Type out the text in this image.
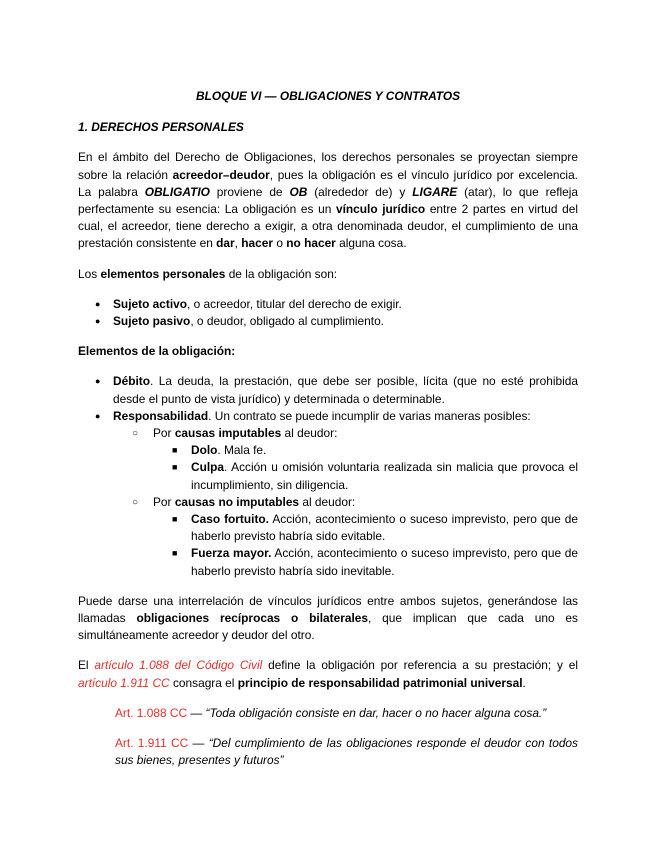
BLOQUE VI — OBLIGACIONES Y CONTRATOS
1. DERECHOS PERSONALES

En el ámbito del Derecho de Obligaciones, los derechos personales se proyectan siempre sobre la relación acreedor–deudor, pues la obligación es el vínculo jurídico por excelencia. La palabra OBLIGATIO proviene de OB (alrededor de) y LIGARE (atar), lo que refleja perfectamente su esencia: La obligación es un vínculo jurídico entre 2 partes en virtud del cual, el acreedor, tiene derecho a exigir, a otra denominada deudor, el cumplimiento de una prestación consistente en dar, hacer o no hacer alguna cosa.

Los elementos personales de la obligación son:

● Sujeto activo, o acreedor, titular del derecho de exigir.
● Sujeto pasivo, o deudor, obligado al cumplimiento.
Elementos de la obligación:
● Débito. La deuda, la prestación, que debe ser posible, lícita (que no esté prohibida desde el punto de vista jurídico) y determinada o determinable.
● Responsabilidad. Un contrato se puede incumplir de varias maneras posibles:
○ Por causas imputables al deudor:
■ Dolo. Mala fe.
■ Culpa. Acción u omisión voluntaria realizada sin malicia que provoca el incumplimiento, sin diligencia.
○ Por causas no imputables al deudor:
■ Caso fortuito. Acción, acontecimiento o suceso imprevisto, pero que de haberlo previsto habría sido evitable.
■ Fuerza mayor. Acción, acontecimiento o suceso imprevisto, pero que de haberlo previsto habría sido inevitable.

Puede darse una interrelación de vínculos jurídicos entre ambos sujetos, generándose las llamadas obligaciones recíprocas o bilaterales, que implican que cada uno es simultáneamente acreedor y deudor del otro.

El artículo 1.088 del Código Civil define la obligación por referencia a su prestación; y el artículo 1.911 CC consagra el principio de responsabilidad patrimonial universal.

Art. 1.088 CC — “Toda obligación consiste en dar, hacer o no hacer alguna cosa.”
Art. 1.911 CC — “Del cumplimiento de las obligaciones responde el deudor con todos sus bienes, presentes y futuros”
